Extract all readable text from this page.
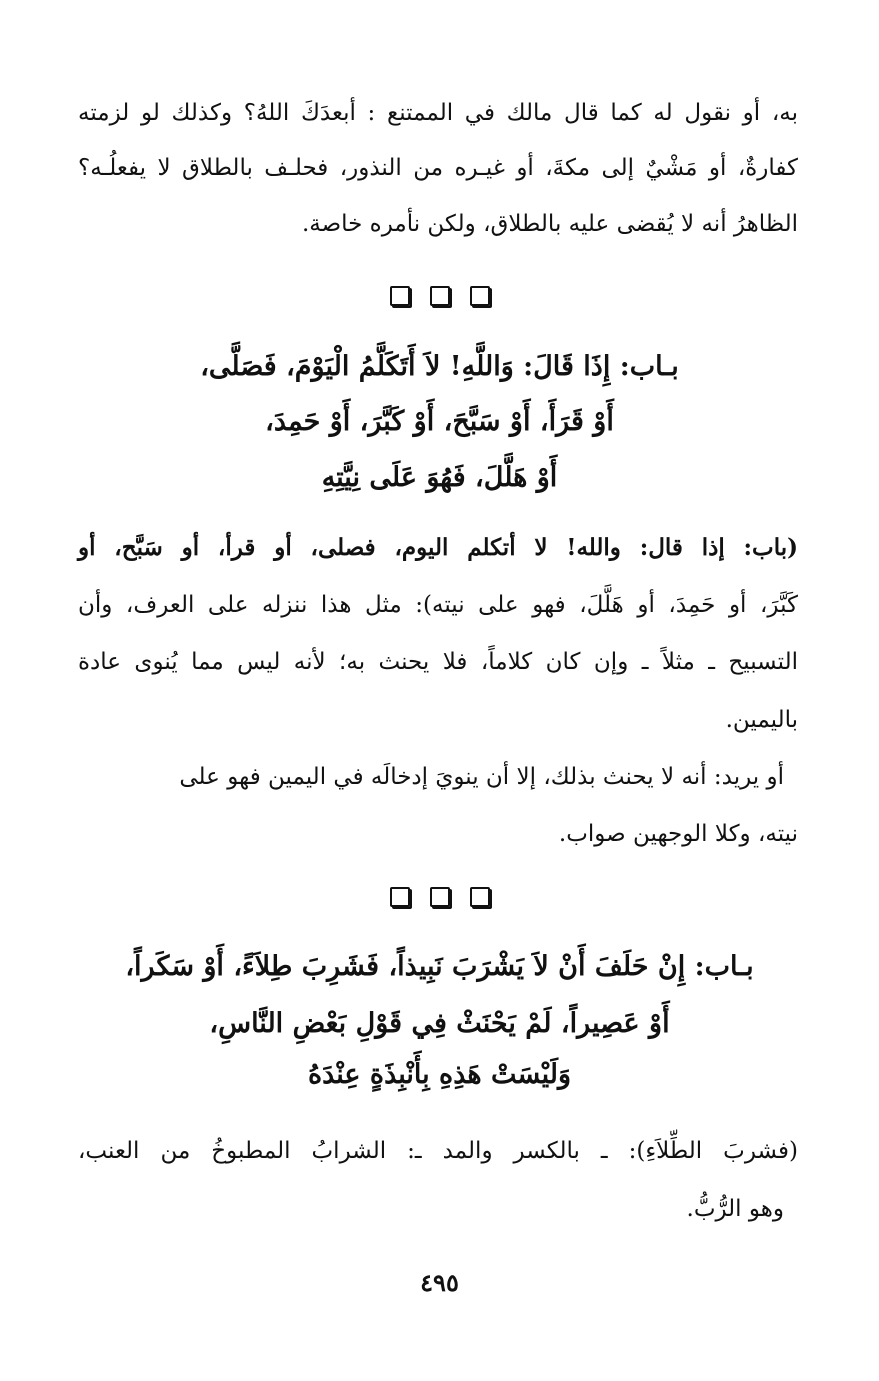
به، أو نقول له كما قال مالك في الممتنع : أبعدَكَ اللهُ؟ وكذلك لو لزمته
كفارةٌ، أو مَشْيٌ إلى مكةَ، أو غيـره من النذور، فحلـف بالطلاق لا يفعلُـه؟
الظاهرُ أنه لا يُقضى عليه بالطلاق، ولكن نأمره خاصة.
بـاب: إِذَا قَالَ: وَاللَّهِ! لاَ أَتَكَلَّمُ الْيَوْمَ، فَصَلَّى،
أَوْ قَرَأَ، أَوْ سَبَّحَ، أَوْ كَبَّرَ، أَوْ حَمِدَ،
أَوْ هَلَّلَ، فَهُوَ عَلَى نِيَّتِهِ
(باب: إذا قال: والله! لا أتكلم اليوم، فصلى، أو قرأ، أو سَبَّح، أو
كَبَّرَ، أو حَمِدَ، أو هَلَّلَ، فهو على نيته): مثل هذا ننزله على العرف، وأن
التسبيح ـ مثلاً ـ وإن كان كلاماً، فلا يحنث به؛ لأنه ليس مما يُنوى عادة
باليمين.
أو يريد: أنه لا يحنث بذلك، إلا أن ينويَ إدخالَه في اليمين فهو على
نيته، وكلا الوجهين صواب.
بـاب: إِنْ حَلَفَ أَنْ لاَ يَشْرَبَ نَبِيذاً، فَشَرِبَ طِلاَءً، أَوْ سَكَراً،
أَوْ عَصِيراً، لَمْ يَحْنَثْ فِي قَوْلِ بَعْضِ النَّاسِ،
وَلَيْسَتْ هَذِهِ بِأَنْبِذَةٍ عِنْدَهُ
(فشربَ الطِّلاَءِ): ـ بالكسر والمد ـ: الشرابُ المطبوخُ من العنب،
وهو الرُّبُّ.
٤٩٥
